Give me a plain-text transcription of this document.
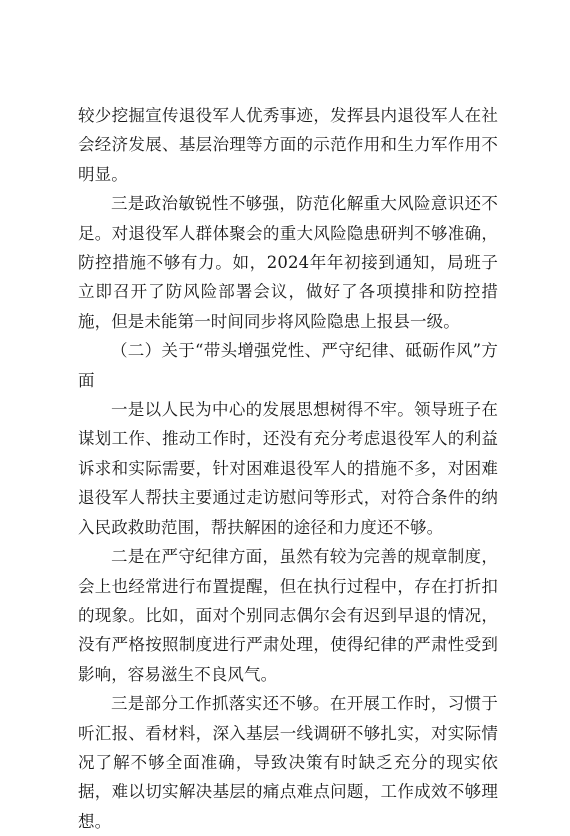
较少挖掘宣传退役军人优秀事迹，发挥县内退役军人在社会经济发展、基层治理等方面的示范作用和生力军作用不明显。

三是政治敏锐性不够强，防范化解重大风险意识还不足。对退役军人群体聚会的重大风险隐患研判不够准确，防控措施不够有力。如，2024年年初接到通知，局班子立即召开了防风险部署会议，做好了各项摸排和防控措施，但是未能第一时间同步将风险隐患上报县一级。

（二）关于“带头增强党性、严守纪律、砥砺作风”方面

一是以人民为中心的发展思想树得不牢。领导班子在谋划工作、推动工作时，还没有充分考虑退役军人的利益诉求和实际需要，针对困难退役军人的措施不多，对困难退役军人帮扶主要通过走访慰问等形式，对符合条件的纳入民政救助范围，帮扶解困的途径和力度还不够。

二是在严守纪律方面，虽然有较为完善的规章制度，会上也经常进行布置提醒，但在执行过程中，存在打折扣的现象。比如，面对个别同志偶尔会有迟到早退的情况，没有严格按照制度进行严肃处理，使得纪律的严肃性受到影响，容易滋生不良风气。

三是部分工作抓落实还不够。在开展工作时，习惯于听汇报、看材料，深入基层一线调研不够扎实，对实际情况了解不够全面准确，导致决策有时缺乏充分的现实依据，难以切实解决基层的痛点难点问题，工作成效不够理想。
